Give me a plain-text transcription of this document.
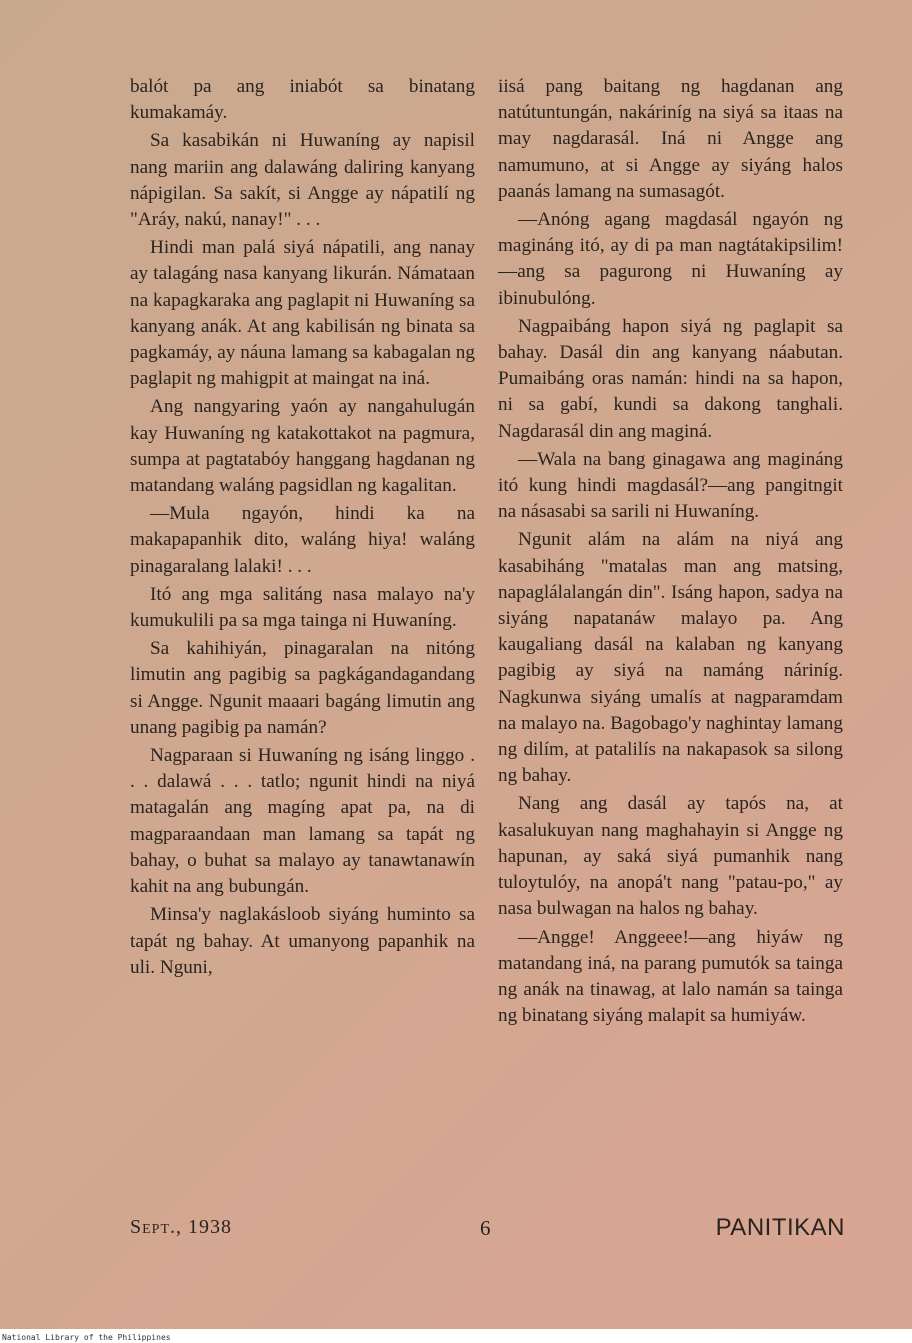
balót pa ang iniabót sa binatang kumakamáy.

Sa kasabikán ni Huwaníng ay napisil nang mariin ang dalawáng daliring kanyang nápigilan. Sa sakít, si Angge ay nápatilí ng "Aráy, nakú, nanay!" . . .

Hindi man palá siyá nápatili, ang nanay ay talagáng nasa kanyang likurán. Námataan na kapagkaraka ang paglapit ni Huwaníng sa kanyang anák. At ang kabilisán ng binata sa pagkamáy, ay náuna lamang sa kabagalan ng paglapit ng mahigpit at maingat na iná.

Ang nangyaring yaón ay nangahulugán kay Huwaníng ng katakottakot na pagmura, sumpa at pagtatabóy hanggang hagdanan ng matandang waláng pagsidlan ng kagalitan.

—Mula ngayón, hindi ka na makapapanhik dito, waláng hiya! waláng pinagaralang lalaki! . . .

Itó ang mga salitáng nasa malayo na'y kumukulili pa sa mga tainga ni Huwaníng.

Sa kahihiyán, pinagaralan na nitóng limutin ang pagibig sa pagkágandagandang si Angge. Ngunit maaari bagáng limutin ang unang pagibig pa namán?

Nagparaan si Huwaníng ng isáng linggo . . . dalawá . . . tatlo; ngunit hindi na niyá matagalán ang magíng apat pa, na di magparaandaan man lamang sa tapát ng bahay, o buhat sa malayo ay tanawtanawín kahit na ang bubungán.

Minsa'y naglakásloob siyáng huminto sa tapát ng bahay. At umanyong papanhik na uli. Nguni,

iisá pang baitang ng hagdanan ang natútuntungán, nakáriníg na siyá sa itaas na may nagdarasál. Iná ni Angge ang namumuno, at si Angge ay siyáng halos paanás lamang na sumasagót.

—Anóng agang magdasál ngayón ng magináng itó, ay di pa man nagtátakipsilim!—ang sa pagurong ni Huwaníng ay ibinubulóng.

Nagpaibáng hapon siyá ng paglapit sa bahay. Dasál din ang kanyang náabutan. Pumaibáng oras namán: hindi na sa hapon, ni sa gabí, kundi sa dakong tanghali. Nagdarasál din ang maginá.

—Wala na bang ginagawa ang magináng itó kung hindi magdasál?—ang pangitngit na násasabi sa sarili ni Huwaníng.

Ngunit alám na alám na niyá ang kasabiháng "matalas man ang matsing, napaglálalangán din". Isáng hapon, sadya na siyáng napatanáw malayo pa. Ang kaugaliang dasál na kalaban ng kanyang pagibig ay siyá na namáng náriníg. Nagkunwa siyáng umalís at nagparamdam na malayo na. Bagobago'y naghintay lamang ng dilím, at patalilís na nakapasok sa silong ng bahay.

Nang ang dasál ay tapós na, at kasalukuyan nang maghahayin si Angge ng hapunan, ay saká siyá pumanhik nang tuloytulóy, na anopá't nang "patau-po," ay nasa bulwagan na halos ng bahay.

—Angge! Anggeee!—ang hiyáw ng matandang iná, na parang pumutók sa tainga ng anák na tinawag, at lalo namán sa tainga ng binatang siyáng malapit sa humiyáw.

Sept., 1938	6	PANITIKAN
National Library of the Philippines
